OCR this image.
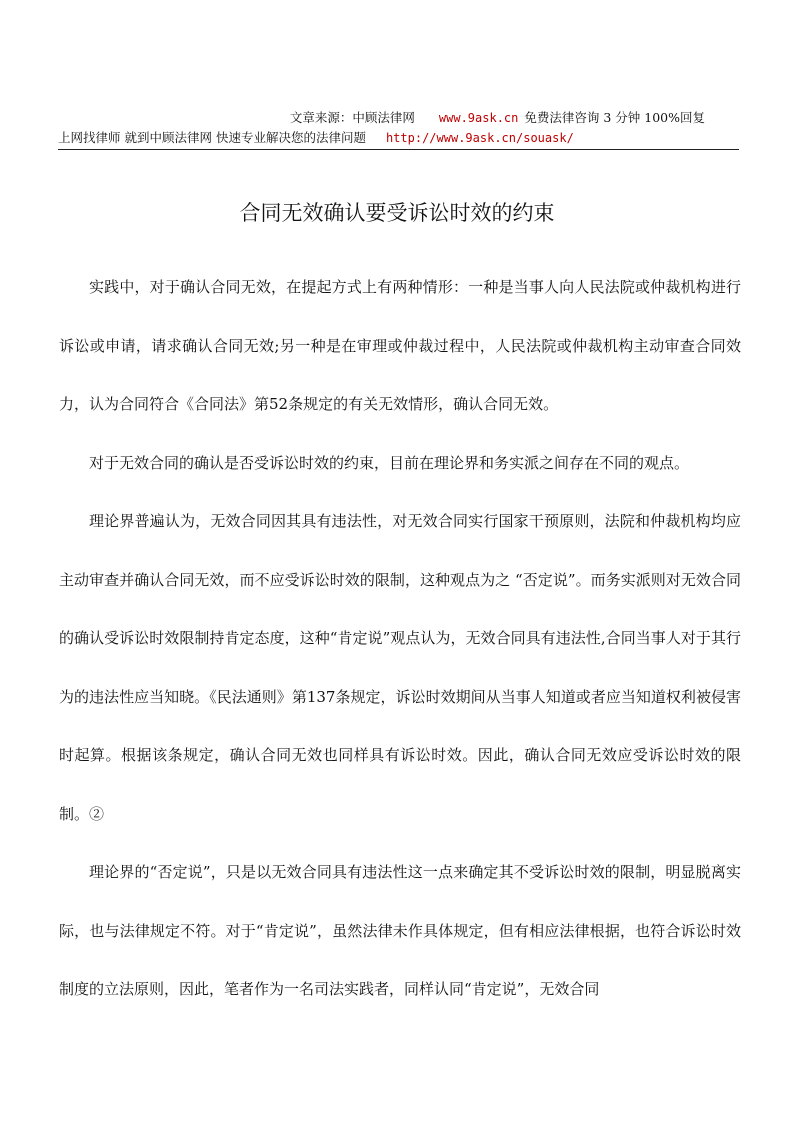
文章来源：中顾法律网 www.9ask.cn 免费法律咨询 3 分钟 100%回复
上网找律师 就到中顾法律网 快速专业解决您的法律问题 http://www.9ask.cn/souask/
合同无效确认要受诉讼时效的约束

实践中，对于确认合同无效，在提起方式上有两种情形：一种是当事人向人民法院或仲裁机构进行诉讼或申请，请求确认合同无效;另一种是在审理或仲裁过程中，人民法院或仲裁机构主动审查合同效力，认为合同符合《合同法》第52条规定的有关无效情形，确认合同无效。

对于无效合同的确认是否受诉讼时效的约束，目前在理论界和务实派之间存在不同的观点。

理论界普遍认为，无效合同因其具有违法性，对无效合同实行国家干预原则，法院和仲裁机构均应主动审查并确认合同无效，而不应受诉讼时效的限制，这种观点为之 “否定说”。而务实派则对无效合同的确认受诉讼时效限制持肯定态度，这种“肯定说”观点认为，无效合同具有违法性,合同当事人对于其行为的违法性应当知晓。《民法通则》第137条规定，诉讼时效期间从当事人知道或者应当知道权利被侵害时起算。根据该条规定，确认合同无效也同样具有诉讼时效。因此，确认合同无效应受诉讼时效的限制。②

理论界的“否定说”，只是以无效合同具有违法性这一点来确定其不受诉讼时效的限制，明显脱离实际，也与法律规定不符。对于“肯定说”，虽然法律未作具体规定，但有相应法律根据，也符合诉讼时效制度的立法原则，因此，笔者作为一名司法实践者，同样认同“肯定说”，无效合同
